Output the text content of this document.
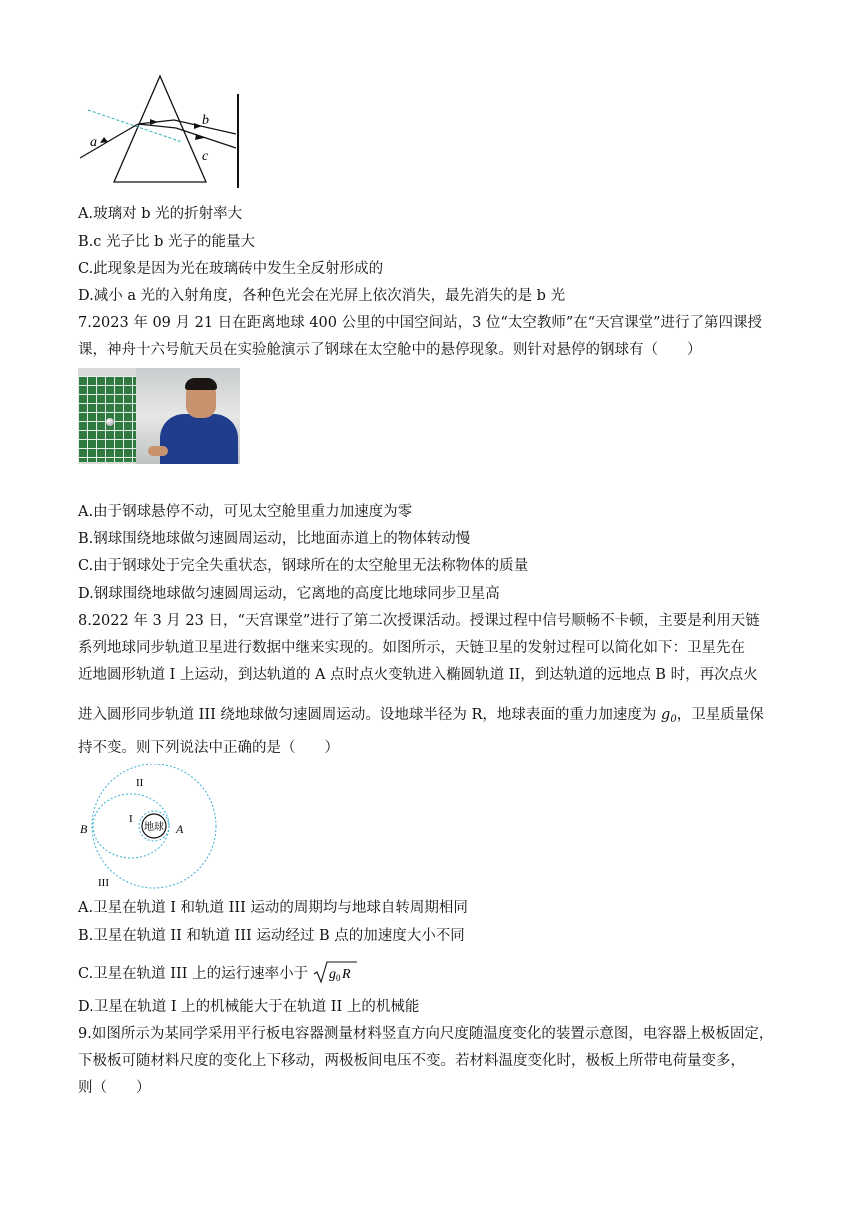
a
b
c
A.玻璃对 b 光的折射率大
B.c 光子比 b 光子的能量大
C.此现象是因为光在玻璃砖中发生全反射形成的
D.减小 a 光的入射角度，各种色光会在光屏上依次消失，最先消失的是 b 光
7.2023 年 09 月 21 日在距离地球 400 公里的中国空间站，3 位“太空教师”在“天宫课堂”进行了第四课授
课，神舟十六号航天员在实验舱演示了钢球在太空舱中的悬停现象。则针对悬停的钢球有（　　）
A.由于钢球悬停不动，可见太空舱里重力加速度为零
B.钢球围绕地球做匀速圆周运动，比地面赤道上的物体转动慢
C.由于钢球处于完全失重状态，钢球所在的太空舱里无法称物体的质量
D.钢球围绕地球做匀速圆周运动，它离地的高度比地球同步卫星高
8.2022 年 3 月 23 日，“天宫课堂”进行了第二次授课活动。授课过程中信号顺畅不卡顿，主要是利用天链
系列地球同步轨道卫星进行数据中继来实现的。如图所示，天链卫星的发射过程可以简化如下：卫星先在
近地圆形轨道 I 上运动，到达轨道的 A 点时点火变轨进入椭圆轨道 II，到达轨道的远地点 B 时，再次点火
进入圆形同步轨道 III 绕地球做匀速圆周运动。设地球半径为 R，地球表面的重力加速度为 $g_0$，卫星质量保
持不变。则下列说法中正确的是（　　）
地球
II
I
B	A
III
A.卫星在轨道 I 和轨道 III 运动的周期均与地球自转周期相同
B.卫星在轨道 II 和轨道 III 运动经过 B 点的加速度大小不同
C.卫星在轨道 III 上的运行速率小于 g 0 R
D.卫星在轨道 I 上的机械能大于在轨道 II 上的机械能
9.如图所示为某同学采用平行板电容器测量材料竖直方向尺度随温度变化的装置示意图，电容器上极板固定，
下极板可随材料尺度的变化上下移动，两极板间电压不变。若材料温度变化时，极板上所带电荷量变多，
则（　　）
